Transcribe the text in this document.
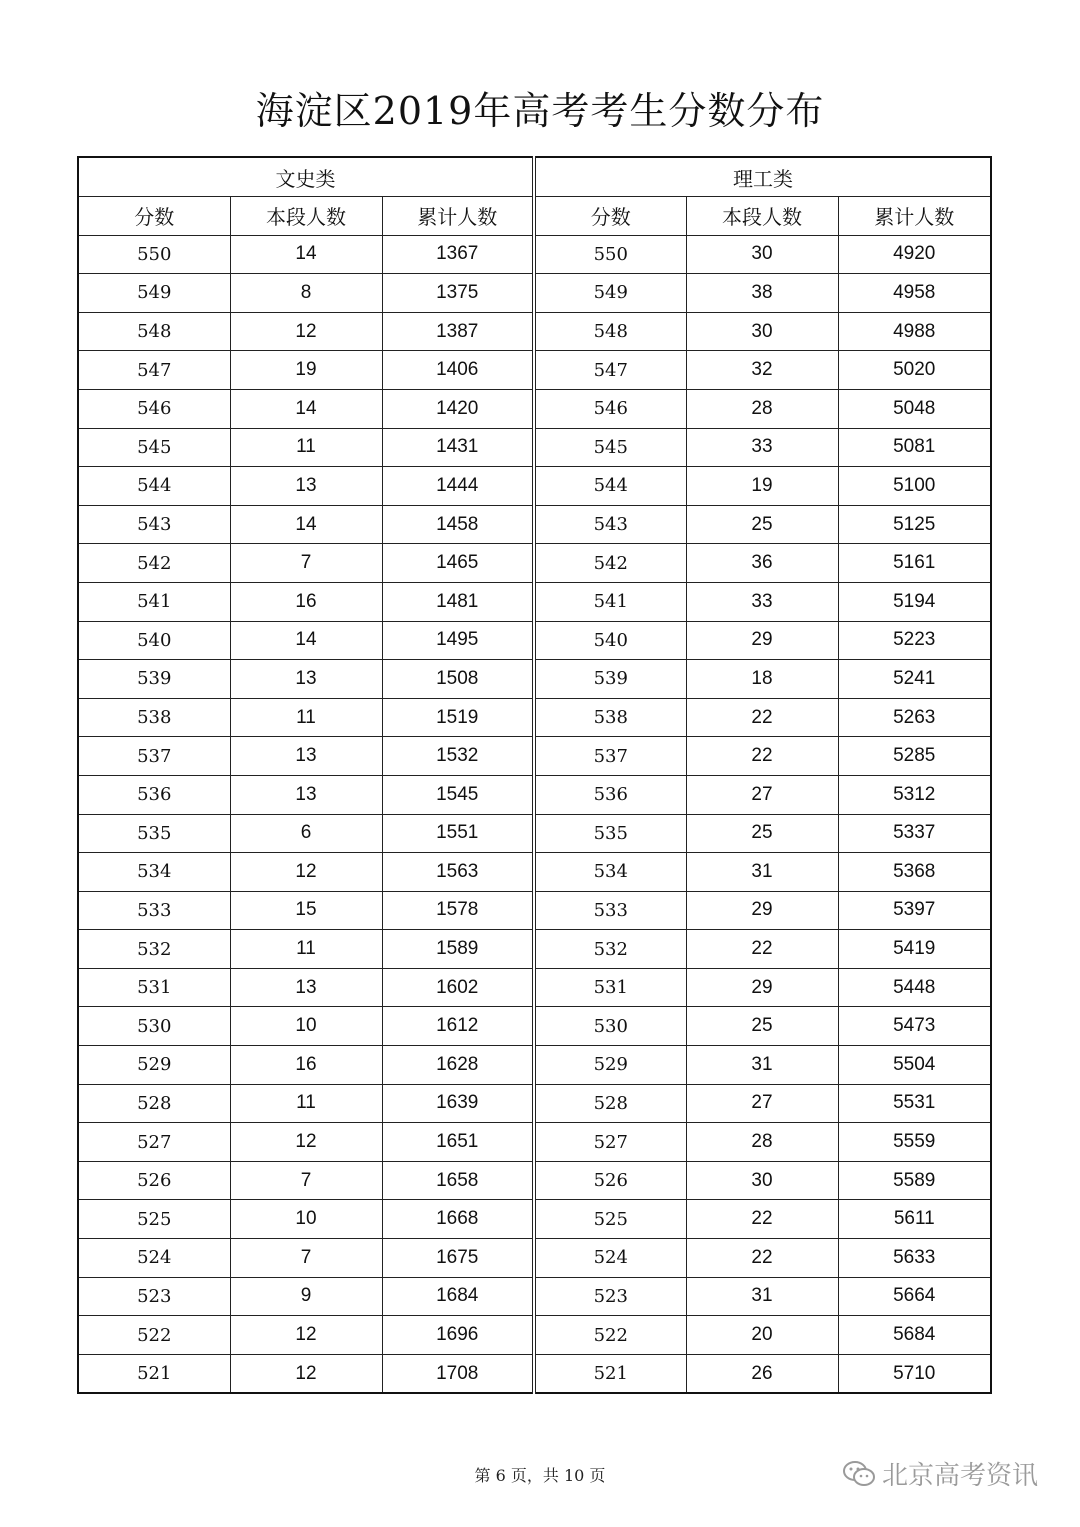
海淀区2019年高考考生分数分布
文史类			理工类		
分数	本段人数	累计人数	分数	本段人数	累计人数
550	14	1367	550	30	4920
549	8	1375	549	38	4958
548	12	1387	548	30	4988
547	19	1406	547	32	5020
546	14	1420	546	28	5048
545	11	1431	545	33	5081
544	13	1444	544	19	5100
543	14	1458	543	25	5125
542	7	1465	542	36	5161
541	16	1481	541	33	5194
540	14	1495	540	29	5223
539	13	1508	539	18	5241
538	11	1519	538	22	5263
537	13	1532	537	22	5285
536	13	1545	536	27	5312
535	6	1551	535	25	5337
534	12	1563	534	31	5368
533	15	1578	533	29	5397
532	11	1589	532	22	5419
531	13	1602	531	29	5448
530	10	1612	530	25	5473
529	16	1628	529	31	5504
528	11	1639	528	27	5531
527	12	1651	527	28	5559
526	7	1658	526	30	5589
525	10	1668	525	22	5611
524	7	1675	524	22	5633
523	9	1684	523	31	5664
522	12	1696	522	20	5684
521	12	1708	521	26	5710
第 6 页，共 10 页	北京高考资讯
